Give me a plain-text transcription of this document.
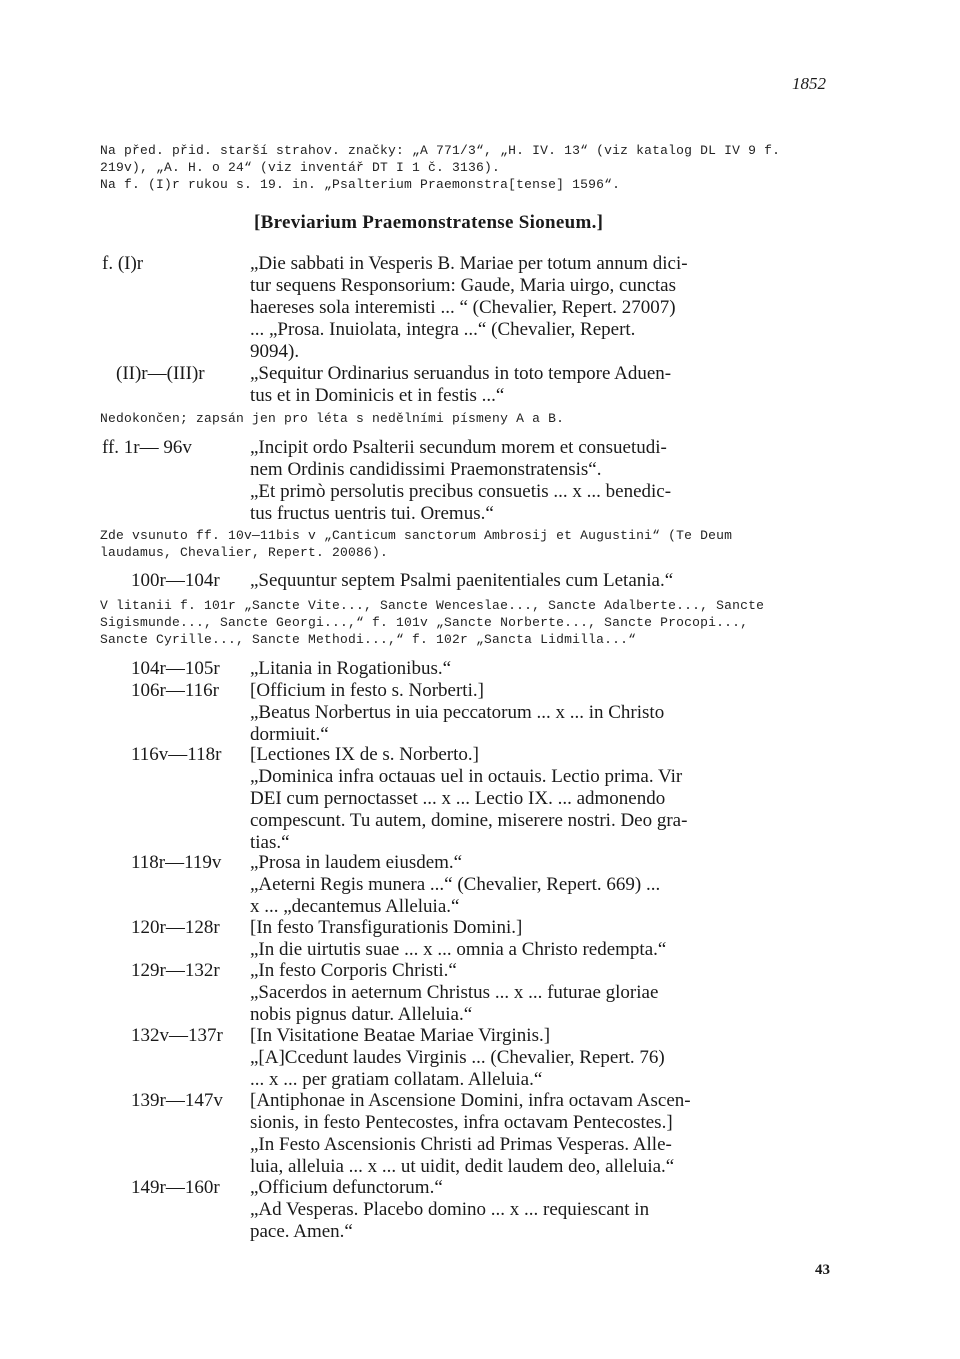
1852
Na před. přid. starší strahov. značky: „A 771/3“, „H. IV. 13“ (viz katalog DL IV 9 f.
219v), „A. H. o 24“ (viz inventář DT I 1 č. 3136).
Na f. (I)r rukou s. 19. in. „Psalterium Praemonstra[tense] 1596“.
[Breviarium Praemonstratense Sioneum.]
f. (I)r	„Die sabbati in Vesperis B. Mariae per totum annum dici-
tur sequens Responsorium: Gaude, Maria uirgo, cunctas
haereses sola interemisti ... “ (Chevalier, Repert. 27007)
... „Prosa. Inuiolata, integra ...“ (Chevalier, Repert.
9094).
(II)r—(III)r „Sequitur Ordinarius seruandus in toto tempore Aduen-
tus et in Dominicis et in festis ...“
Nedokončen; zapsán jen pro léta s nedělními písmeny A a B.
ff. 1r— 96v	„Incipit ordo Psalterii secundum morem et consuetudi-
nem Ordinis candidissimi Praemonstratensis“.
„Et primò persolutis precibus consuetis ... x ... benedic-
tus fructus uentris tui. Oremus.“
Zde vsunuto ff. 10v—11bis v „Canticum sanctorum Ambrosij et Augustini“ (Te Deum
laudamus, Chevalier, Repert. 20086).
100r—104r „Sequuntur septem Psalmi paenitentiales cum Letania.“
V litanii f. 101r „Sancte Vite..., Sancte Wenceslae..., Sancte Adalberte..., Sancte
Sigismunde..., Sancte Georgi...,“ f. 101v „Sancte Norberte..., Sancte Procopi...,
Sancte Cyrille..., Sancte Methodi...,“ f. 102r „Sancta Lidmilla...“
104r—105r „Litania in Rogationibus.“
106r—116r [Officium in festo s. Norberti.]
„Beatus Norbertus in uia peccatorum ... x ... in Christo
dormiuit.“
116v—118r [Lectiones IX de s. Norberto.]
„Dominica infra octauas uel in octauis. Lectio prima. Vir
DEI cum pernoctasset ... x ... Lectio IX. ... admonendo
compescunt. Tu autem, domine, miserere nostri. Deo gra-
tias.“
118r—119v „Prosa in laudem eiusdem.“
„Aeterni Regis munera ...“ (Chevalier, Repert. 669) ...
x ... „decantemus Alleluia.“
120r—128r [In festo Transfigurationis Domini.]
„In die uirtutis suae ... x ... omnia a Christo redempta.“
129r—132r „In festo Corporis Christi.“
„Sacerdos in aeternum Christus ... x ... futurae gloriae
nobis pignus datur. Alleluia.“
132v—137r [In Visitatione Beatae Mariae Virginis.]
„[A]Ccedunt laudes Virginis ... (Chevalier, Repert. 76)
... x ... per gratiam collatam. Alleluia.“
139r—147v [Antiphonae in Ascensione Domini, infra octavam Ascen-
sionis, in festo Pentecostes, infra octavam Pentecostes.]
„In Festo Ascensionis Christi ad Primas Vesperas. Alle-
luia, alleluia ... x ... ut uidit, dedit laudem deo, alleluia.“
149r—160r „Officium defunctorum.“
„Ad Vesperas. Placebo domino ... x ... requiescant in
pace. Amen.“
43
